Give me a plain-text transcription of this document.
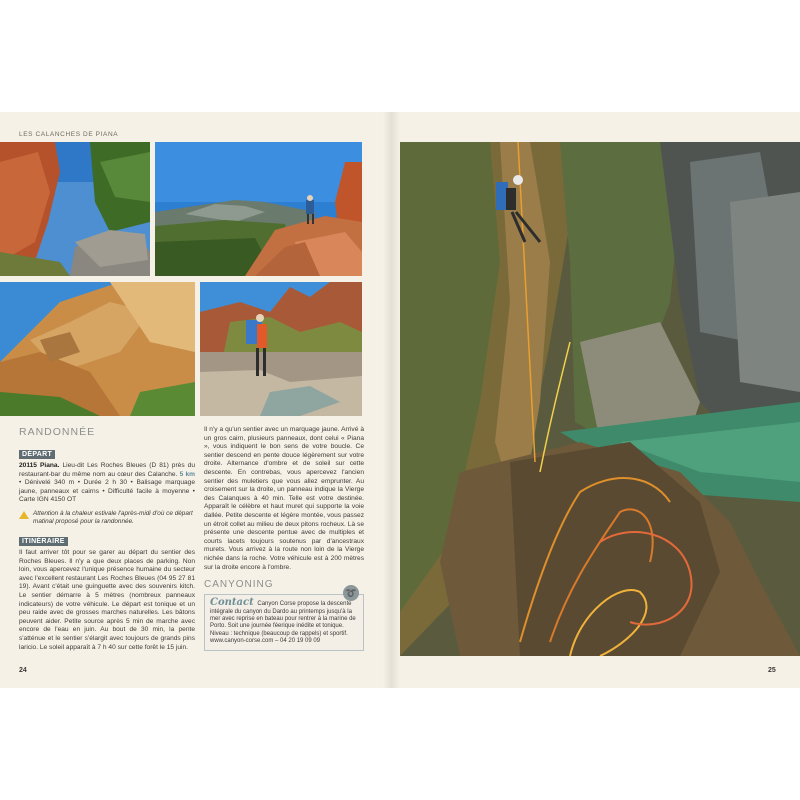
LES CALANCHES DE PIANA
RANDONNÉE
DÉPART

20115 Piana. Lieu-dit Les Roches Bleues (D 81) près du restaurant-bar du même nom au cœur des Calanche. 5 km • Dénivelé 340 m • Durée 2 h 30 • Balisage marquage jaune, panneaux et cairns • Difficulté facile à moyenne • Carte IGN 4150 OT

Attention à la chaleur estivale l'après-midi d'où ce départ matinal proposé pour la randonnée.

ITINÉRAIRE

Il faut arriver tôt pour se garer au départ du sentier des Roches Bleues. Il n'y a que deux places de parking. Non loin, vous apercevez l'unique présence humaine du secteur avec l'excellent restaurant Les Roches Bleues (04 95 27 81 19). Avant c'était une guinguette avec des souvenirs kitch. Le sentier démarre à 5 mètres (nombreux panneaux indicateurs) de votre véhicule. Le départ est tonique et un peu raide avec de grosses marches naturelles. Les bâtons peuvent aider. Petite source après 5 min de marche avec encore de l'eau en juin. Au bout de 30 min, la pente s'atténue et le sentier s'élargit avec toujours de grands pins laricio. Le soleil apparaît à 7 h 40 sur cette forêt le 15 juin.

Il n'y a qu'un sentier avec un marquage jaune. Arrivé à un gros cairn, plusieurs panneaux, dont celui « Piana », vous indiquent le bon sens de votre boucle. Ce sentier descend en pente douce légèrement sur votre droite. Alternance d'ombre et de soleil sur cette descente. En contrebas, vous apercevez l'ancien sentier des muletiers que vous allez emprunter. Au croisement sur la droite, un panneau indique la Vierge des Calanques à 40 min. Telle est votre destinée. Apparaît le célèbre et haut muret qui supporte la voie dallée. Petite descente et légère montée, vous passez un étroit collet au milieu de deux pitons rocheux. Là se présente une descente pentue avec de multiples et courts lacets toujours soutenus par d'ancestraux murets. Vous arrivez à la route non loin de la Vierge nichée dans la roche. Votre véhicule est à 200 mètres sur la droite encore à l'ombre.

CANYONING
➰

Contact Canyon Corse propose la descente intégrale du canyon du Dardo au printemps jusqu'à la mer avec reprise en bateau pour rentrer à la marine de Porto. Soit une journée féerique inédite et tonique. Niveau : technique (beaucoup de rappels) et sportif.
www.canyon-corse.com – 04 20 19 09 09

24	25
